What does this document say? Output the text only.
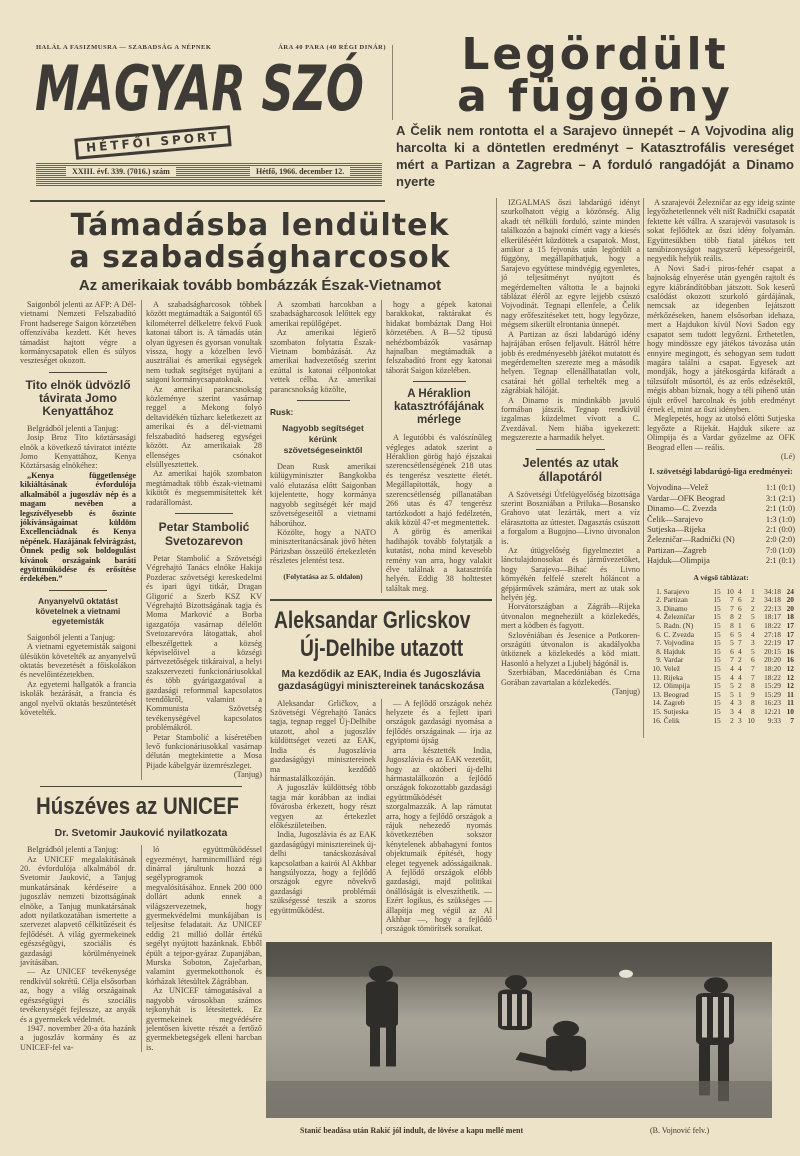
HALÁL A FASIZMUSRA — SZABADSÁG A NÉPNEK	ÁRA 40 PARA (40 RÉGI DINÁR)
MAGYAR SZÓ
HÉTFŐI SPORT
XXIII. évf. 339. (7016.) szám	Hétfő, 1966. december 12.
Legördült
a függöny
A Čelik nem rontotta el a Sarajevo ünnepét – A Vojvodina alig harcolta ki a döntetlen eredményt – Katasztrofális vereséget mért a Partizan a Zagrebra – A forduló rangadóját a Dinamo nyerte

IZGALMAS őszi labdarúgó idényt szurkolhatott végig a közönség. Alig akadt tét nélküli forduló, szinte minden találkozón a bajnoki címért vagy a kiesés elkerüléséért küzdöttek a csapatok. Most, amikor a 15 fejvonás után legördült a függöny, megállapíthatjuk, hogy a Sarajevo együttese mindvégig egyenletes, jó teljesítményt nyújtott és megérdemelten váltotta le a bajnoki táblázat éléről az egyre lejjebb csúszó Vojvodinát. Tegnapi ellenfele, a Čelik nagy erőfeszítéseket tett, hogy legyőzze, mégsem sikerült elrontania ünnepét.

A Partizan az őszi labdarúgó idény hajrájában erősen feljavult. Hátról hétre jobb és eredményesebb játékot mutatott és megérdemelten szerezte meg a második helyen. Tegnap ellenállhatatlan volt, csatárai hét góllal terhelték meg a zágrábiak hálóját.

A Dinamo is mindinkább javuló formában játszik. Tegnap rendkívül izgalmas küzdelmet vívott a C. Zvezdával. Nem hiába igyekezett: megszerezte a harmadik helyet.

Jelentés az utak állapotáról

A Szövetségi Útfelügyelőség bizottsága szerint Boszniában a Priluka—Bosansko Grahovo utat lezárták, mert a víz elárasztotta az úttestet. Dagasztás csúszott a forgalom a Bugojno—Livno útvonalon is.

Az útügyelőség figyelmeztet a lánctulajdonosokat és járművezetőket, hogy Sarajevo—Bihać és Livno környékén felfelé szerelt hóláncot a gépjárművek számára, mert az utak sok helyén jég.

Horvátországban a Zágráb—Rijeka útvonalon megnehezült a közlekedés, mert a ködben és fagyott.

Szlovéniában és Jesenice a Potkoren-országúti útvonalon is akadályokba ütköznek a közlekedés a köd miatt. Hasonló a helyzet a Ljubelj hágónál is.

Szerbiában, Macedóniában és Crna Gorában zavartalan a közlekedés.

(Tanjug)

A szarajevói Železničar az egy ideig szinte legyőzhetetlennek vélt nišī Radnički csapatát fektette két vállra. A szarajevói vasutasok is sokat fejlődtek az őszi idény folyamán. Együttesükben több fiatal játékos tett tanúbizonyságot nagyszerű képességeiről, negyedik helyük reális.

A Novi Sad-i piros-fehér csapat a bajnokság elnyerése után gyengén rajtolt és egyre kiábrándítóbban játszott. Sok keserű csalódást okozott szurkoló gárdájának, nemcsak az idegenben lejátszott mérkőzéseken, hanem elsősorban idehaza, mert a Hajdukon kívül Novi Sadon egy csapatot sem tudott legyőzni. Érthetetlen, hogy mindössze egy játékos távozása után ennyire megingott, és sehogyan sem tudott magára találni a csapat. Egyesek azt mondják, hogy a játékosgárda kifáradt a túlzsúfolt műsortól, és az erős edzésektől, mégis abban bíznak, hogy a téli pihenő után újult erővel harcolnak és jobb eredményt érnek el, mint az őszi idényben.

Meglepetés, hogy az utolsó előtti Sutjeska legyőzte a Rijekát. Hajduk sikere az Olimpija és a Vardar győzelme az OFK Beograd ellen — reális.

(Lé)
I. szövetségi labdarúgó-liga eredményei:
Vojvodina—Velež	1:1 (0:1)
Vardar—OFK Beograd	3:1 (2:1)
Dinamo—C. Zvezda	2:1 (1:0)
Čelik—Sarajevo	1:3 (1:0)
Sutjeska—Rijeka	2:1 (0:0)
Železničar—Radnički (N)	2:0 (2:0)
Partizan—Zagreb	7:0 (1:0)
Hajduk—Olimpija	2:1 (0:1)
A végső táblázat:
1.	Sarajevo	15	10	4	1	34:18	24
2.	Partizan	15	7	6	2	34:18	20
3.	Dinamo	15	7	6	2	22:13	20
4.	Železničar	15	8	2	5	18:17	18
5.	Radn. (N)	15	8	1	6	18:22	17
6.	C. Zvezda	15	6	5	4	27:18	17
7.	Vojvodina	15	5	7	3	22:19	17
8.	Hajduk	15	6	4	5	20:15	16
9.	Vardar	15	7	2	6	20:20	16
10.	Velež	15	4	4	7	18:20	12
11.	Rijeka	15	4	4	7	18:22	12
12.	Olimpija	15	5	2	8	15:29	12
13.	Beograd	15	5	1	9	15:29	11
14.	Zagreb	15	4	3	8	16:23	11
15.	Sutjeska	15	3	4	8	12:21	10
16.	Čelik	15	2	3	10	9:33	7
Támadásba lendültek
a szabadságharcosok
Az amerikaiak tovább bombázzák Észak-Vietnamot

Saigonból jelenti az AFP: A Dél-vietnami Nemzeti Felszabadító Front hadserege Saigon körzetében offenzívába kezdett. Két heves támadást hajtott végre a kormánycsapatok ellen és súlyos veszteséget okozott.

Tito elnök üdvözlő távirata Jomo Kenyattához

Belgrádból jelenti a Tanjug:

Josip Broz Tito köztársasági elnök a következő táviratot intézte Jomo Kenyattához, Kenya Köztársaság elnökéhez:

„Kenya függetlensége kikiáltásának évfordulója alkalmából a jugoszláv nép és a magam nevében a legszívélyesebb és őszinte jókívánságaimat küldöm Excellenciádnak és Kenya népének. Hazájának felvirágzást, Önnek pedig sok boldogulást kívánok országaink baráti együttműködése és erősítése érdekében.”

Anyanyelvű oktatást követelnek a vietnami egyetemisták

Saigonból jelenti a Tanjug:

A vietnami egyetemisták saigoni ülésükön követelték az anyanyelvű oktatás bevezetését a főiskolákon és nevelőintézetekben.

Az egyetemi hallgatók a francia iskolák bezárását, a francia és angol nyelvű oktatás beszüntetését követelték.

A szabadságharcosok többek között megtámadták a Saigontól 65 kilométerrel délkeletre fekvő Fuok katonai tábort is. A támadás után olyan ügyesen és gyorsan vonultak vissza, hogy a közelben levő ausztráliai és amerikai egységek nem tudtak segítséget nyújtani a saigoni kormánycsapatoknak.

Az amerikai parancsnokság közleménye szerint vasárnap reggel a Mekong folyó deltavidékén tűzharc keletkezett az amerikai és a dél-vietnami felszabadító hadsereg egységei között. Az amerikaiak 28 ellenséges csónakot elsüllyesztettek.

Az amerikai hajók szombaton megtámadtak több észak-vietnami kikötőt és megsemmisítettek két radarállomást.

Petar Stambolić Svetozarevon

Petar Stambolić a Szövetségi Végrehajtó Tanács elnöke Hakija Pozderac szövetségi kereskedelmi és ipari ügyi titkár, Dragan Gligorić a Szerb KSZ KV Végrehajtó Bizottságának tagja és Moma Marković a Borba igazgatója vasárnap délelőtt Svetozarevóra látogattak, ahol elbeszélgettek a község képviselőivel a községi pártvezetőségek titkáraival, a helyi szakszervezeti funkcionáriusokkal és több gyárigazgatóval a gazdasági reformmal kapcsolatos teendőkről, valamint a Kommunista Szövetség tevékenységével kapcsolatos problémákról.

Petar Stambolić a kíséretében levő funkcionáriusokkal vasárnap délután megtekintette a Mosa Pijade kábelgyár üzemrészleget.

(Tanjug)
Húszéves az UNICEF
Dr. Svetomir Jauković nyilatkozata

Belgrádból jelenti a Tanjug:

Az UNICEF megalakításának 20. évfordulója alkalmából dr. Svetomir Jauković, a Tanjug munkatársának kérdéseire a jugoszláv nemzeti bizottságának elnöke, a Tanjug munkatársának adott nyilatkozatában ismertette a szervezet alapvető célkitűzéseit és fejlődését. A világ gyermekeinek egészségügyi, szociális és gazdasági körülményeinek javításában.

— Az UNICEF tevékenysége rendkívül sokrétű. Célja elsősorban az, hogy a világ országainak egészségügyi és szociális tevékenységét fejlessze, az anyák és a gyermekek védelmét.

1947. november 20-a óta hazánk a jugoszláv kormány és az UNICEF-fel va-

ló együttműködéssel egyezményt, harmincmilliárd régi dinárral járultunk hozzá a segélyprogramok megvalósításához. Ennek 200 000 dollárt adunk ennek a világszervezetnek, hogy gyermekvédelmi munkájában is teljesítse feladatait. Az UNICEF eddig 21 millió dollár értékű segélyt nyújtott hazánknak. Ebből épült a tejpor-gyáraz Zupanjában, Murska Soboton, Zaječarban, valamint gyermekotthonok és kórházak létesültek Zágrábban.

Az UNICEF támogatásával a nagyobb városokban számos tejkonyhát is létesítettek. Ez gyermekeinek megvédésére jelentősen kivette részét a fertőző gyermekbetegségek elleni harcban is.

A szombati harcokban a szabadságharcosok lelőttek egy amerikai repülőgépet.

Az amerikai légierő szombaton folytatta Észak-Vietnam bombázását. Az amerikai hadvezetőség szerint ezúttal is katonai célpontokat vettek célba. Az amerikai parancsnokság közölte,

Rusk:
Nagyobb segítséget kérünk szövetségeseinktől

Dean Rusk amerikai külügyminiszter Bangkokba való elutazása előtt Saigonban kijelentette, hogy kormánya nagyobb segítségét kér majd szövetségeseitől a vietnami háborúhoz.

Közölte, hogy a NATO miniszteritanácsának jövő héten Párizsban összeülő értekezletén részletes jelentést tesz.

(Folytatása az 5. oldalon)

hogy a gépek katonai barakkokat, raktárakat és hidakat bombáztak Dang Hoi körzetében. A B—52 típusú nehézbombázók vasárnap hajnalban megtámadták a felszabadító front egy katonai táborát Saigon közelében.

A Héraklion katasztrófájának mérlege

A legutóbbi és valószínűleg végleges adatok szerint a Héraklion görög hajó éjszakai szerencsétlenségének 218 utas és tengerész vesztette életét. Megállapították, hogy a szerencsétlenség pillanatában 266 utas és 47 tengerész tartózkodott a hajó fedélzetén, akik közül 47-et megmentettek.

A görög és amerikai hadihajók tovább folytatják a kutatást, noha mind kevesebb remény van arra, hogy valakit élve találnak a katasztrófa helyén. Eddig 38 holttestet találtak meg.

Aleksandar Grlicskov
Új-Delhibe utazott
Ma kezdődik az EAK, India és Jugoszlávia gazdaságügyi minisztereinek tanácskozása

Aleksandar Grličkov, a Szövetségi Végrehajtó Tanács tagja, tegnap reggel Új-Delhibe utazott, ahol a jugoszláv küldöttséget vezeti az EAK, India és Jugoszlávia gazdaságügyi minisztereinek ma kezdődő hármastalálkozóján.

A jugoszláv küldöttség több tagja már korábban az indiai fővárosba érkezett, hogy részt vegyen az értekezlet előkészületeiben.

India, Jugoszlávia és az EAK gazdaságügyi minisztereinek új-delhi tanácskozásával kapcsolatban a kairói Al Akhbar hangsúlyozza, hogy a fejlődő országok egyre növekvő gazdasági problémái szükségessé teszik a szoros együttműködést.

— A fejlődő országok nehéz helyzete és a fejlett ipari országok gazdasági nyomása a fejlődés országainak — írja az egyiptomi újság

arra késztették India, Jugoszlávia és az EAK vezetőit, hogy az októberi új-delhi hármastalálkozón a fejlődő országok fokozottabb gazdasági együttműködését szorgalmazzák. A lap rámutat arra, hogy a fejlődő országok a rájuk nehezedő nyomás következtében sokszor kénytelenek abbahagyni fontos objektumaik építését, hogy eleget tegyenek adósságaiknak. A fejlődő országok előbb gazdasági, majd politikai önállóságát is elveszíthetik. — Ezért logikus, és szükséges — állapítja meg végül az Al Akhbar —, hogy a fejlődő országok tömörítsék soraikat.

Stanić beadása után Rakić jól indult, de lövése a kapu mellé ment	(B. Vojnović felv.)
